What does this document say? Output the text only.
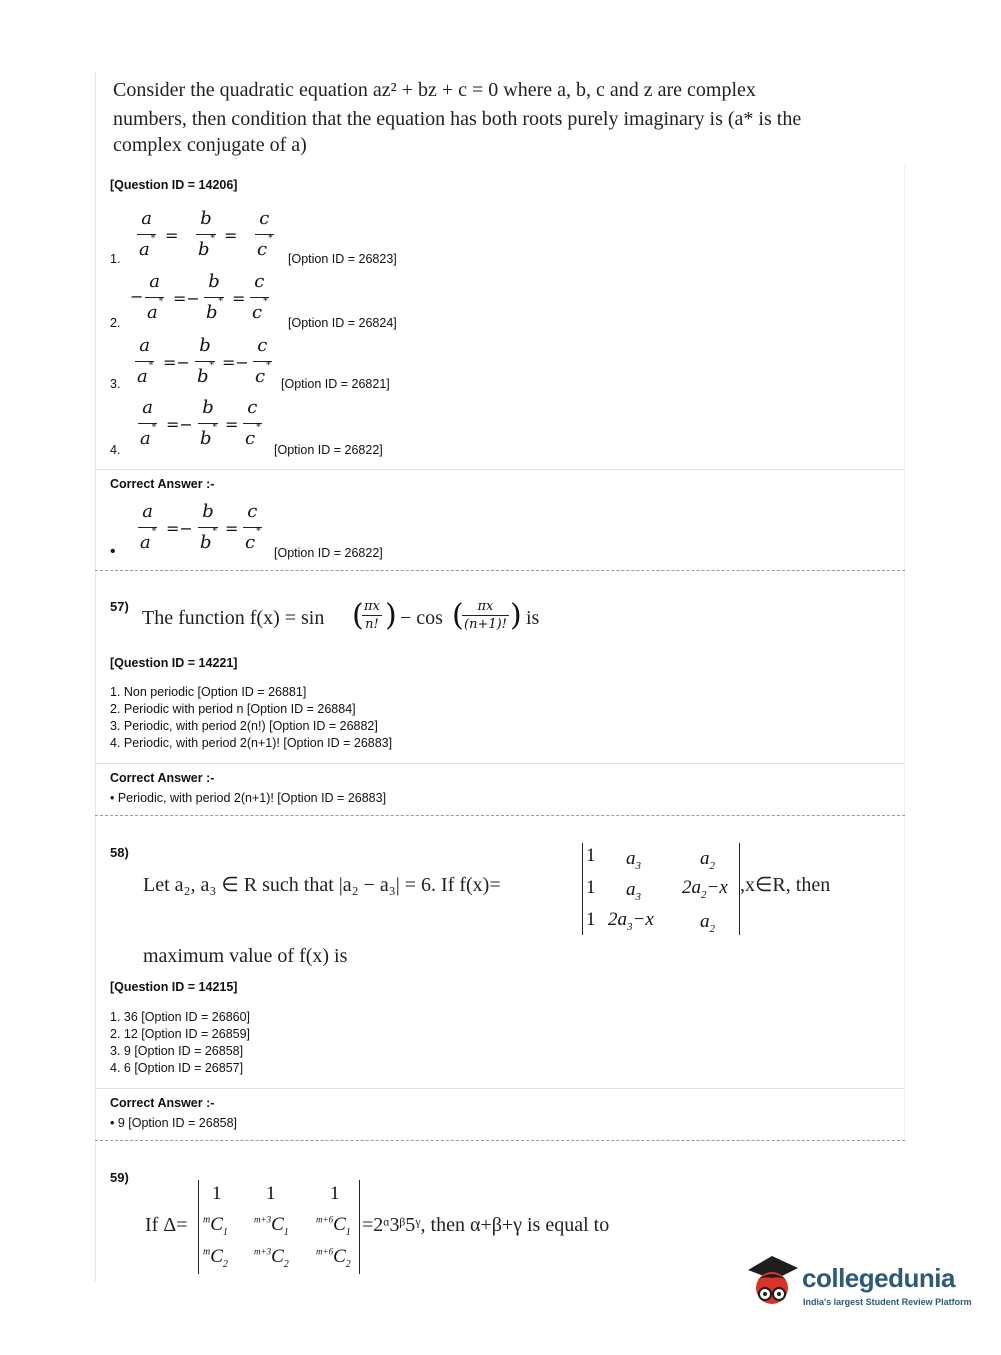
Consider the quadratic equation az² + bz + c = 0 where a, b, c and z are complex
numbers, then condition that the equation has both roots purely imaginary is (a* is the
complex conjugate of a)
[Question ID = 14206]
1.
a
a* =
b
b* =
c
c*
[Option ID = 26823]
2.
−
a
a* =−
b
b* =
c
c*
[Option ID = 26824]
3.
a
a* =−
b
b* =−
c
c*
[Option ID = 26821]
4.
a
a* =−
b
b* =
c
c*
[Option ID = 26822]
Correct Answer :-
•
a
a* =−
b
b* =
c
c*
[Option ID = 26822]
57)
The function f(x) = sin ( πx
n! ) − cos ( πx
(n+1)! ) is
[Question ID = 14221]
1. Non periodic [Option ID = 26881]
2. Periodic with period n [Option ID = 26884]
3. Periodic, with period 2(n!) [Option ID = 26882]
4. Periodic, with period 2(n+1)! [Option ID = 26883]
Correct Answer :-
• Periodic, with period 2(n+1)! [Option ID = 26883]
58)
Let a₂, a₃ ∈ R such that |a₂ − a₃| = 6. If f(x)=
1 $a_3$	$a_2$
1 $a_3$ $2a_2-x$
1 $2a_3-x$ $a_2$
,x∈R, then
maximum value of f(x) is
[Question ID = 14215]
1. 36 [Option ID = 26860]
2. 12 [Option ID = 26859]
3. 9 [Option ID = 26858]
4. 6 [Option ID = 26857]
Correct Answer :-
• 9 [Option ID = 26858]
59)
If Δ=
1 1	1
$^mC_1$
$^{m+3}C_1$
$^{m+6}C_1$
$^mC_2$
$^{m+3}C_2$
$^{m+6}C_2$
=2ᵅ3ᵝ5ᵞ, then α+β+γ is equal to
collegedunia
India's largest Student Review Platform
